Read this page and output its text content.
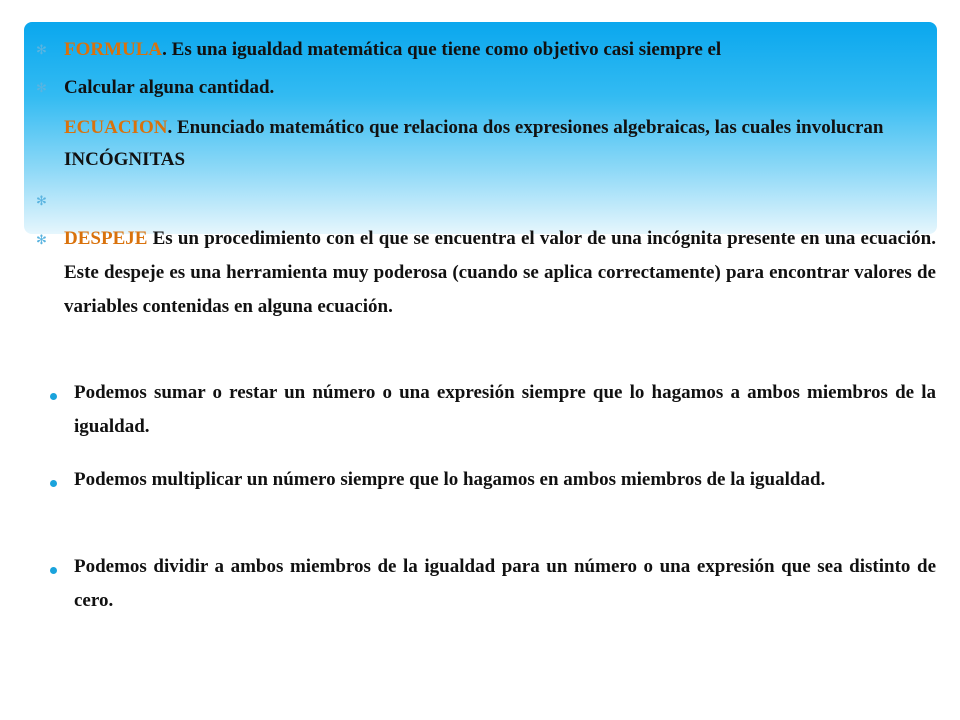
✻ FORMULA. Es una igualdad matemática que tiene como objetivo casi siempre el
✻ Calcular alguna cantidad.
ECUACION. Enunciado matemático que relaciona dos expresiones algebraicas, las cuales involucran INCÓGNITAS
✻
✻ DESPEJE Es un procedimiento con el que se encuentra el valor de una incógnita presente en una ecuación. Este despeje es una herramienta muy poderosa (cuando se aplica correctamente) para encontrar valores de variables contenidas en alguna ecuación.
Podemos sumar o restar un número o una expresión siempre que lo hagamos a ambos miembros de la igualdad.
Podemos multiplicar un número siempre que lo hagamos en ambos miembros de la igualdad.
Podemos dividir a ambos miembros de la igualdad para un número o una expresión que sea distinto de cero.
